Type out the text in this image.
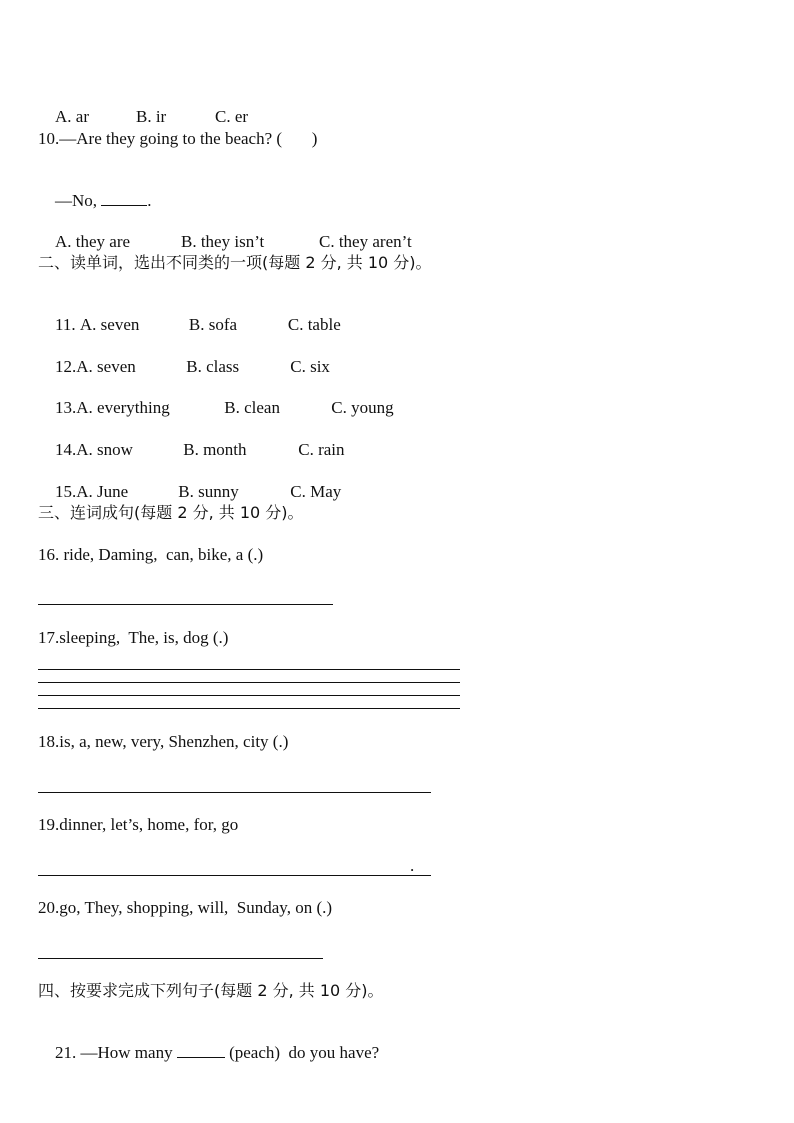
A. ar	B. ir	C. er

10.—Are they going to the beach? (       )

—No,	.

A. they are	B. they isn’t	C. they aren’t

二、读单词，选出不同类的一项(每题 2 分, 共 10 分)。

11. A. seven	B. sofa	C. table

12.A. seven	B. class	C. six

13.A. everything	B. clean	C. young

14.A. snow	B. month	C. rain

15.A. June	B. sunny	C. May

三、连词成句(每题 2 分, 共 10 分)。
16. ride, Daming,  can, bike, a (.)
17.sleeping,  The, is, dog (.)
18.is, a, new, very, Shenzhen, city (.)
19.dinner, let’s, home, for, go
.
20.go, They, shopping, will,  Sunday, on (.)
四、按要求完成下列句子(每题 2 分, 共 10 分)。

21. —How many	(peach)  do you have?
